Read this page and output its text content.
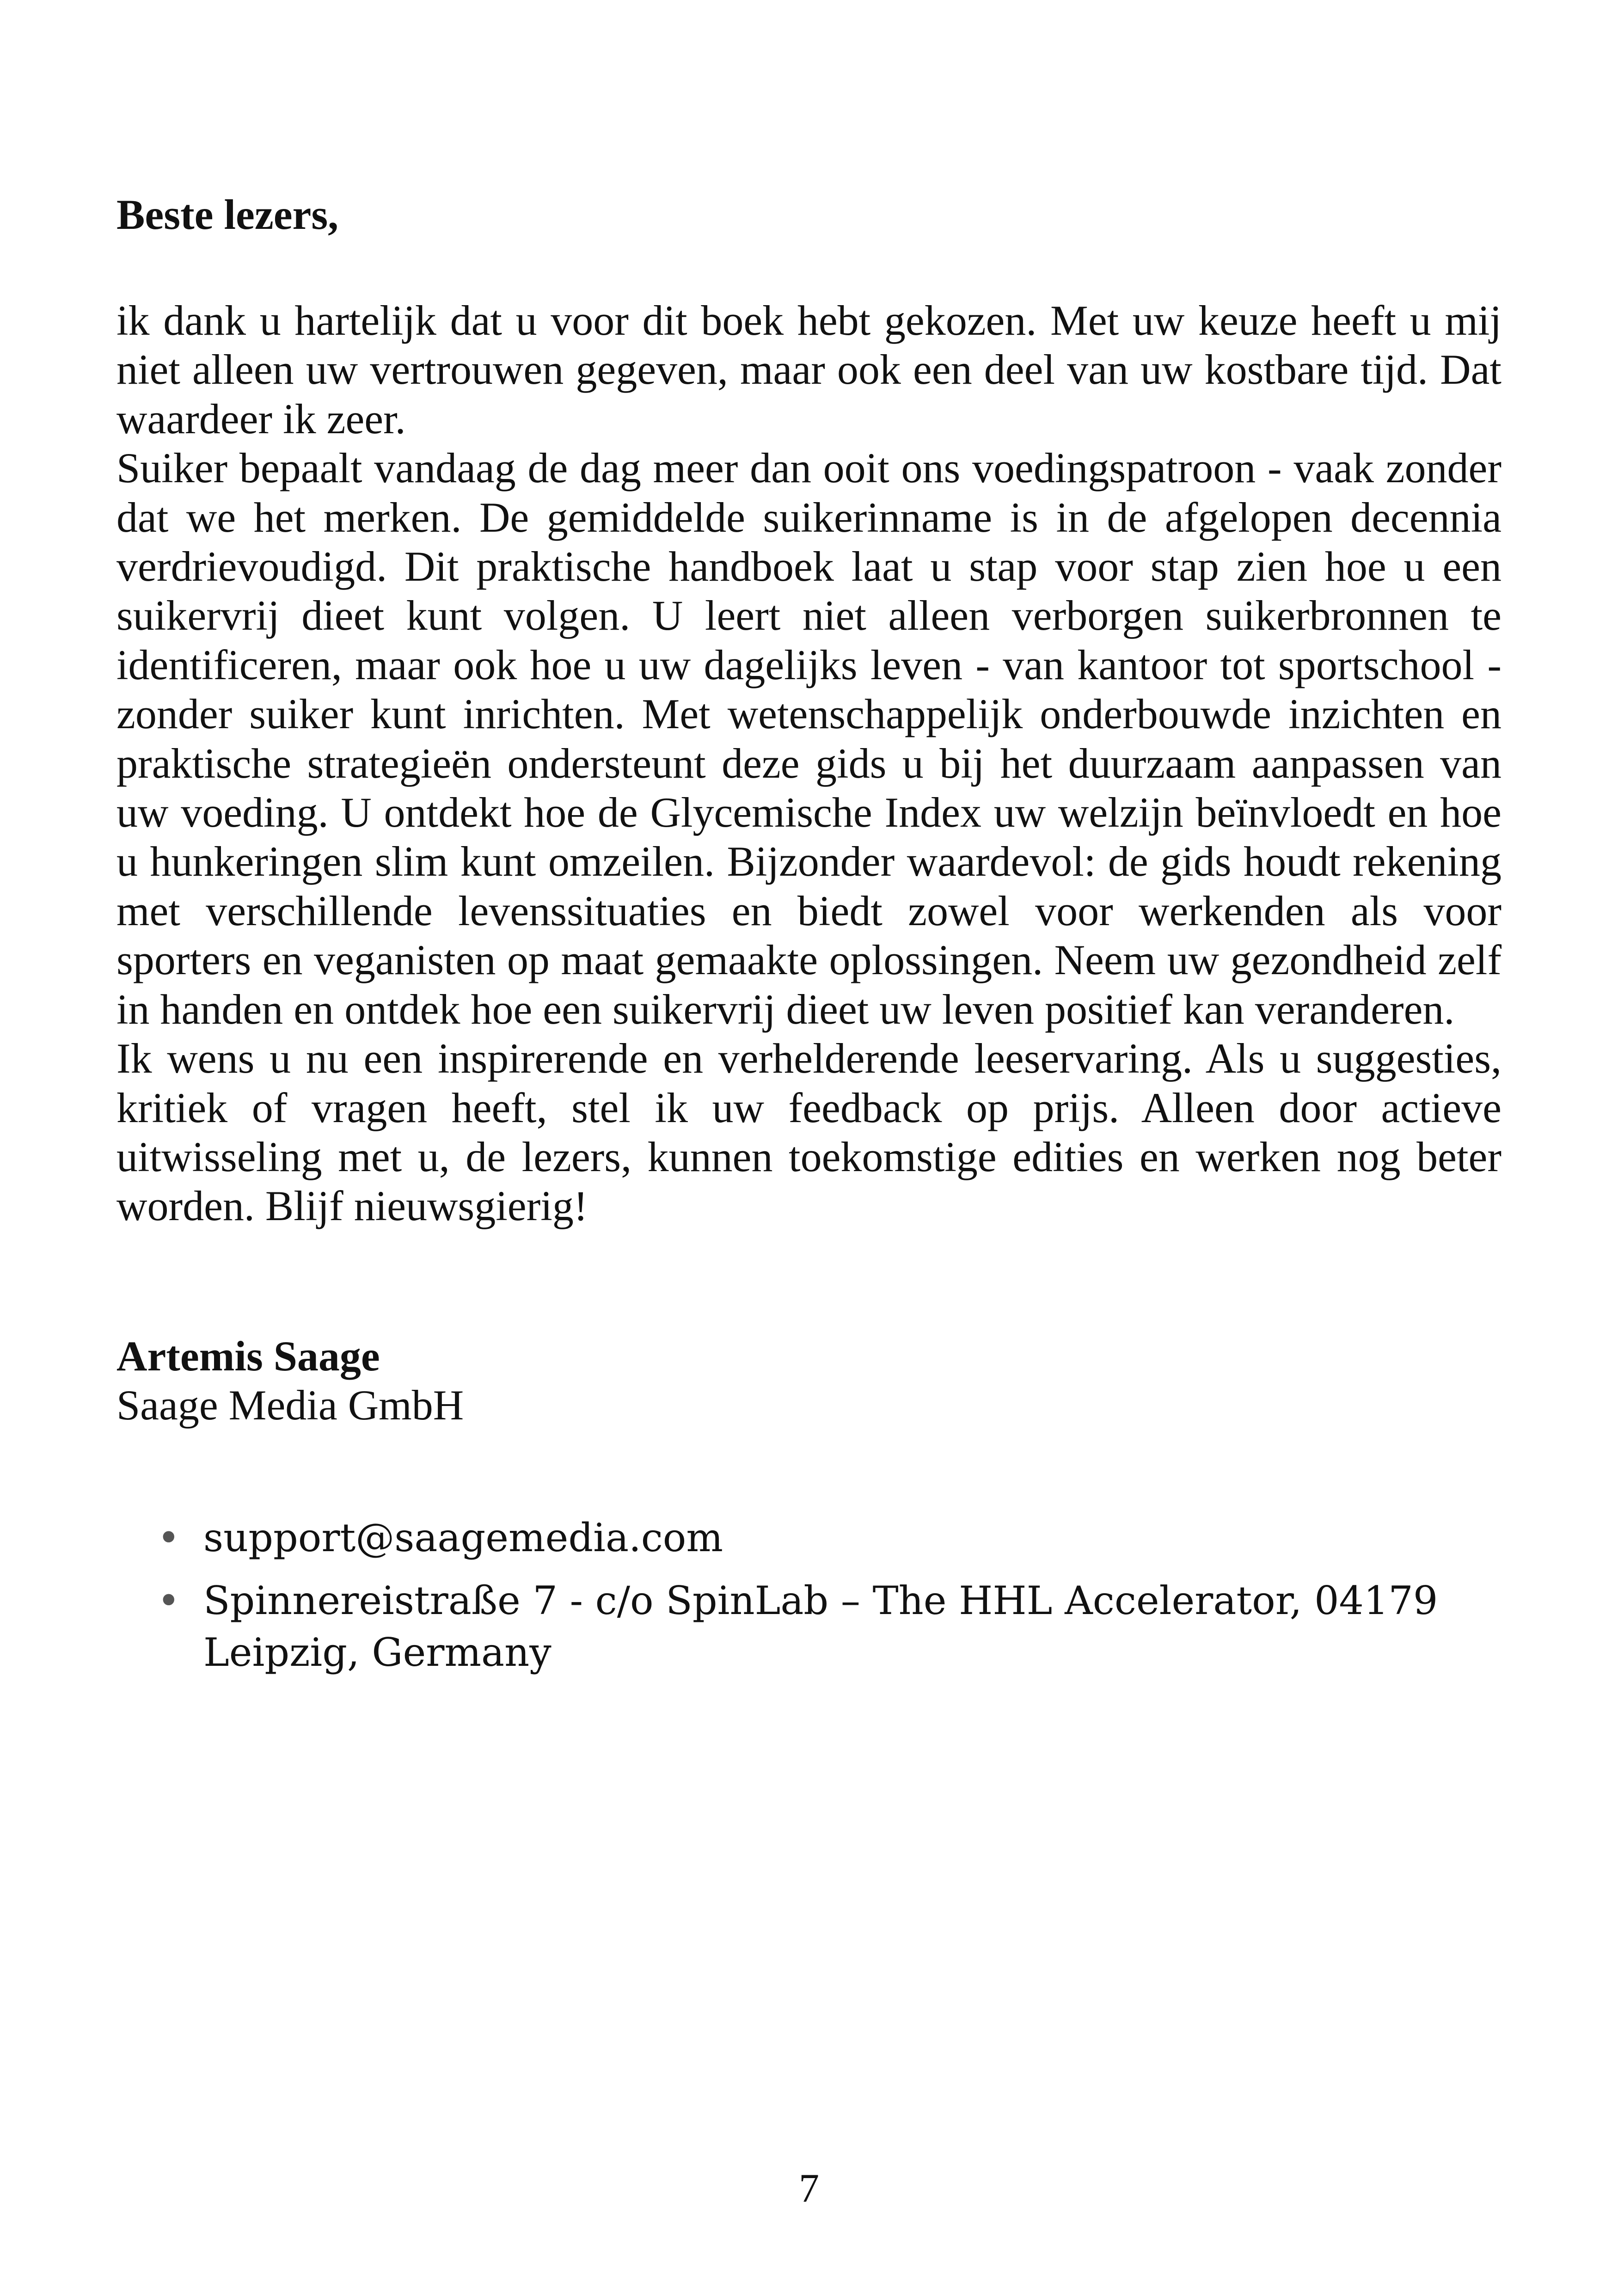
Beste lezers,

ik dank u hartelijk dat u voor dit boek hebt gekozen. Met uw keuze heeft u mij niet alleen uw vertrouwen gegeven, maar ook een deel van uw kostbare tijd. Dat waardeer ik zeer.

Suiker bepaalt vandaag de dag meer dan ooit ons voedingspatroon - vaak zonder dat we het merken. De gemiddelde suikerinname is in de afgelopen decennia verdrievoudigd. Dit praktische handboek laat u stap voor stap zien hoe u een suikervrij dieet kunt volgen. U leert niet alleen verborgen suikerbronnen te identificeren, maar ook hoe u uw dagelijks leven - van kantoor tot sportschool - zonder suiker kunt inrichten. Met wetenschappelijk onderbouwde inzichten en praktische strategieën ondersteunt deze gids u bij het duurzaam aanpassen van uw voeding. U ontdekt hoe de Glycemische Index uw welzijn beïnvloedt en hoe u hunkeringen slim kunt omzeilen. Bijzonder waardevol: de gids houdt rekening met verschillende levenssituaties en biedt zowel voor werkenden als voor sporters en veganisten op maat gemaakte oplossingen. Neem uw gezondheid zelf in handen en ontdek hoe een suikervrij dieet uw leven positief kan veranderen.

Ik wens u nu een inspirerende en verhelderende leeservaring. Als u suggesties, kritiek of vragen heeft, stel ik uw feedback op prijs. Alleen door actieve uitwisseling met u, de lezers, kunnen toekomstige edities en werken nog beter worden. Blijf nieuwsgierig!

Artemis Saage
Saage Media GmbH
• support@saagemedia.com
• Spinnereistraße 7 - c/o SpinLab – The HHL Accelerator, 04179 Leipzig, Germany
7
